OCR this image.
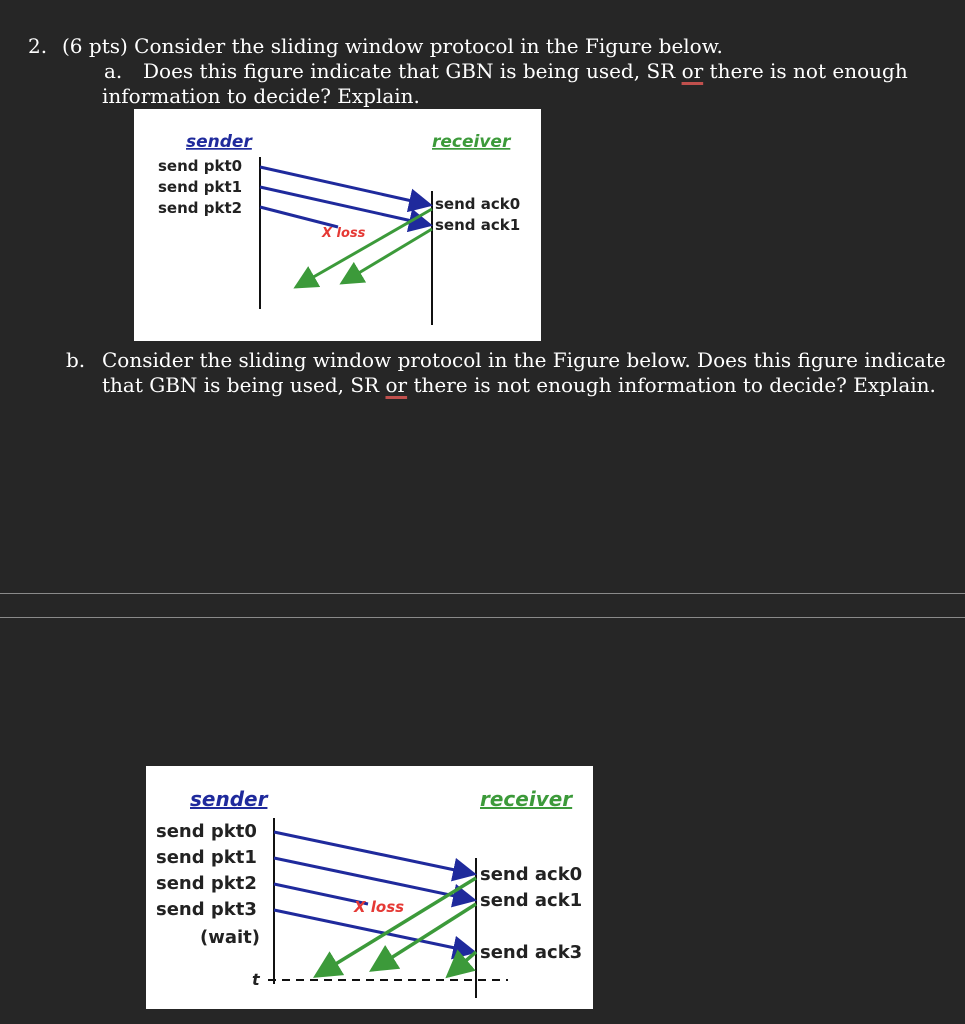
2. (6 pts) Consider the sliding window protocol in the Figure below.
a. Does this figure indicate that GBN is being used, SR or there is not enough
information to decide? Explain.
sender	receiver
send pkt0
send pkt1
send pkt2
X loss
send ack0
send ack1
b. Consider the sliding window protocol in the Figure below. Does this figure indicate
that GBN is being used, SR or there is not enough information to decide? Explain.
sender	receiver
send pkt0
send pkt1
send pkt2
send pkt3
(wait)
X loss
t
send ack0
send ack1
send ack3
